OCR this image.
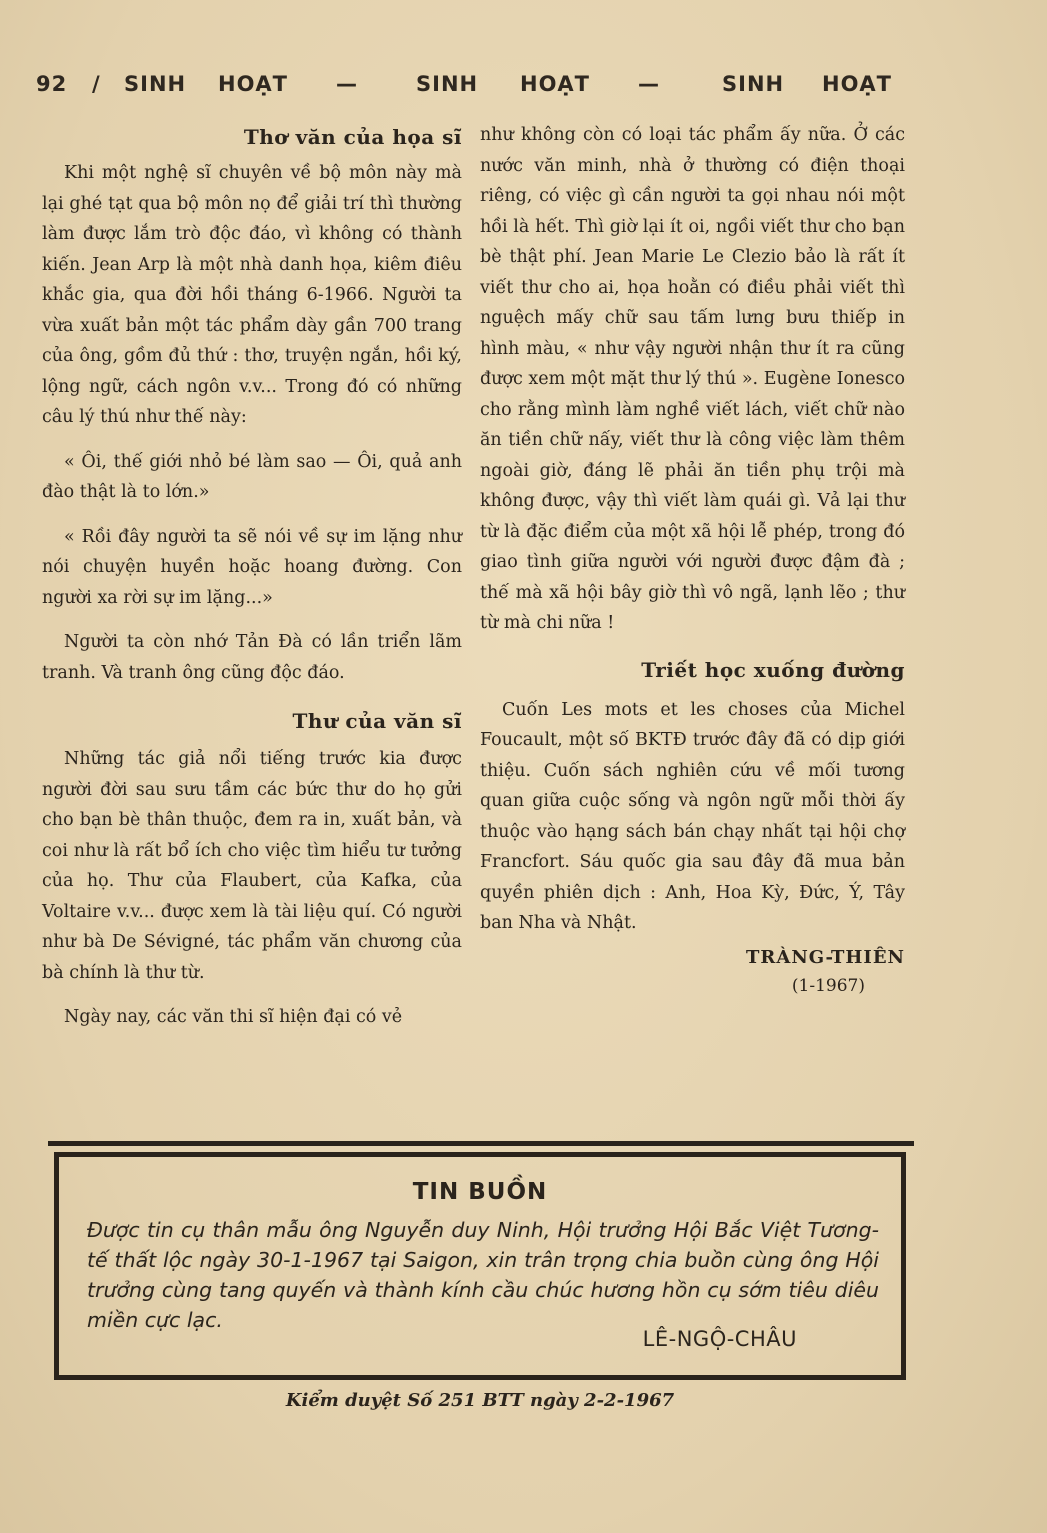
92 / SINH HOẠT —	SINH HOẠT —	SINH HOẠT
Thơ văn của họa sĩ

Khi một nghệ sĩ chuyên về bộ môn này mà lại ghé tạt qua bộ môn nọ để giải trí thì thường làm được lắm trò độc đáo, vì không có thành kiến. Jean Arp là một nhà danh họa, kiêm điêu khắc gia, qua đời hồi tháng 6-1966. Người ta vừa xuất bản một tác phẩm dày gần 700 trang của ông, gồm đủ thứ : thơ, truyện ngắn, hồi ký, lộng ngữ, cách ngôn v.v... Trong đó có những câu lý thú như thế này:

« Ôi, thế giới nhỏ bé làm sao — Ôi, quả anh đào thật là to lớn.»

« Rồi đây người ta sẽ nói về sự im lặng như nói chuyện huyền hoặc hoang đường. Con người xa rời sự im lặng...»

Người ta còn nhớ Tản Đà có lần triển lãm tranh. Và tranh ông cũng độc đáo.

Thư của văn sĩ

Những tác giả nổi tiếng trước kia được người đời sau sưu tầm các bức thư do họ gửi cho bạn bè thân thuộc, đem ra in, xuất bản, và coi như là rất bổ ích cho việc tìm hiểu tư tưởng của họ. Thư của Flaubert, của Kafka, của Voltaire v.v... được xem là tài liệu quí. Có người như bà De Sévigné, tác phẩm văn chương của bà chính là thư từ.

Ngày nay, các văn thi sĩ hiện đại có vẻ

như không còn có loại tác phẩm ấy nữa. Ở các nước văn minh, nhà ở thường có điện thoại riêng, có việc gì cần người ta gọi nhau nói một hồi là hết. Thì giờ lại ít oi, ngồi viết thư cho bạn bè thật phí. Jean Marie Le Clezio bảo là rất ít viết thư cho ai, họa hoằn có điều phải viết thì nguệch mấy chữ sau tấm lưng bưu thiếp in hình màu, « như vậy người nhận thư ít ra cũng được xem một mặt thư lý thú ». Eugène Ionesco cho rằng mình làm nghề viết lách, viết chữ nào ăn tiền chữ nấy, viết thư là công việc làm thêm ngoài giờ, đáng lẽ phải ăn tiền phụ trội mà không được, vậy thì viết làm quái gì. Vả lại thư từ là đặc điểm của một xã hội lễ phép, trong đó giao tình giữa người với người được đậm đà ; thế mà xã hội bây giờ thì vô ngã, lạnh lẽo ; thư từ mà chi nữa !

Triết học xuống đường

Cuốn Les mots et les choses của Michel Foucault, một số BKTĐ trước đây đã có dịp giới thiệu. Cuốn sách nghiên cứu về mối tương quan giữa cuộc sống và ngôn ngữ mỗi thời ấy thuộc vào hạng sách bán chạy nhất tại hội chợ Francfort. Sáu quốc gia sau đây đã mua bản quyền phiên dịch : Anh, Hoa Kỳ, Đức, Ý, Tây ban Nha và Nhật.

TRÀNG-THIÊN
(1-1967)
TIN BUỒN
Được tin cụ thân mẫu ông Nguyễn duy Ninh, Hội trưởng Hội Bắc Việt Tương-tế thất lộc ngày 30-1-1967 tại Saigon, xin trân trọng chia buồn cùng ông Hội trưởng cùng tang quyến và thành kính cầu chúc hương hồn cụ sớm tiêu diêu miền cực lạc.
LÊ-NGỘ-CHÂU
Kiểm duyệt Số 251 BTT ngày 2-2-1967
